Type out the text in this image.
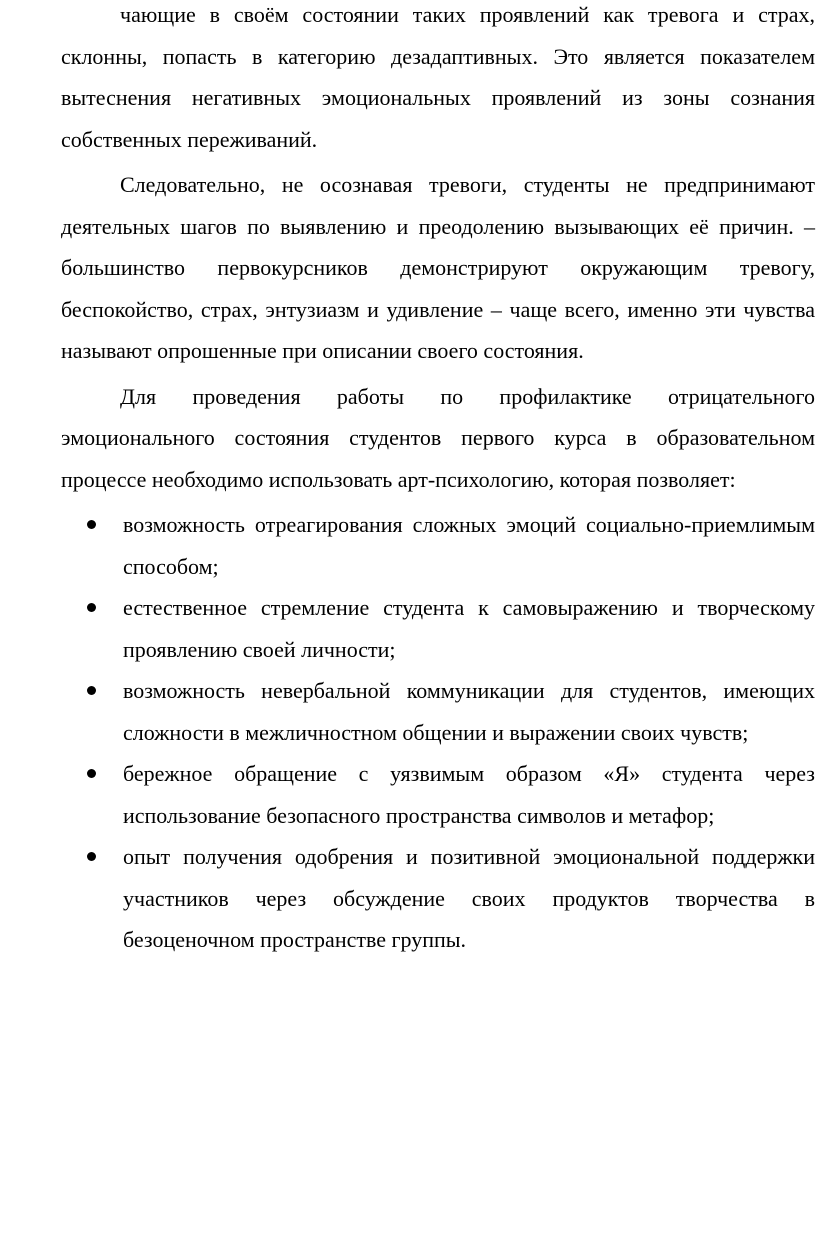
чающие в своём состоянии таких проявлений как тревога и страх, склонны, попасть в категорию дезадаптивных. Это является показателем вытеснения негативных эмоциональных проявлений из зоны сознания собственных переживаний.

Следовательно, не осознавая тревоги, студенты не предпринимают деятельных шагов по выявлению и преодолению вызывающих её причин. – большинство первокурсников демонстрируют окружающим тревогу, беспокойство, страх, энтузиазм и удивление – чаще всего, именно эти чувства называют опрошенные при описании своего состояния.

Для проведения работы по профилактике отрицательного эмоционального состояния студентов первого курса в образовательном процессе необходимо использовать арт-психологию, которая позволяет:

возможность отреагирования сложных эмоций социально-приемлимым способом;
естественное стремление студента к самовыражению и творческому проявлению своей личности;
возможность невербальной коммуникации для студентов, имеющих сложности в межличностном общении и выражении своих чувств;
бережное обращение с уязвимым образом «Я» студента через использование безопасного пространства символов и метафор;
опыт получения одобрения и позитивной эмоциональной поддержки участников через обсуждение своих продуктов творчества в безоценочном пространстве группы.
